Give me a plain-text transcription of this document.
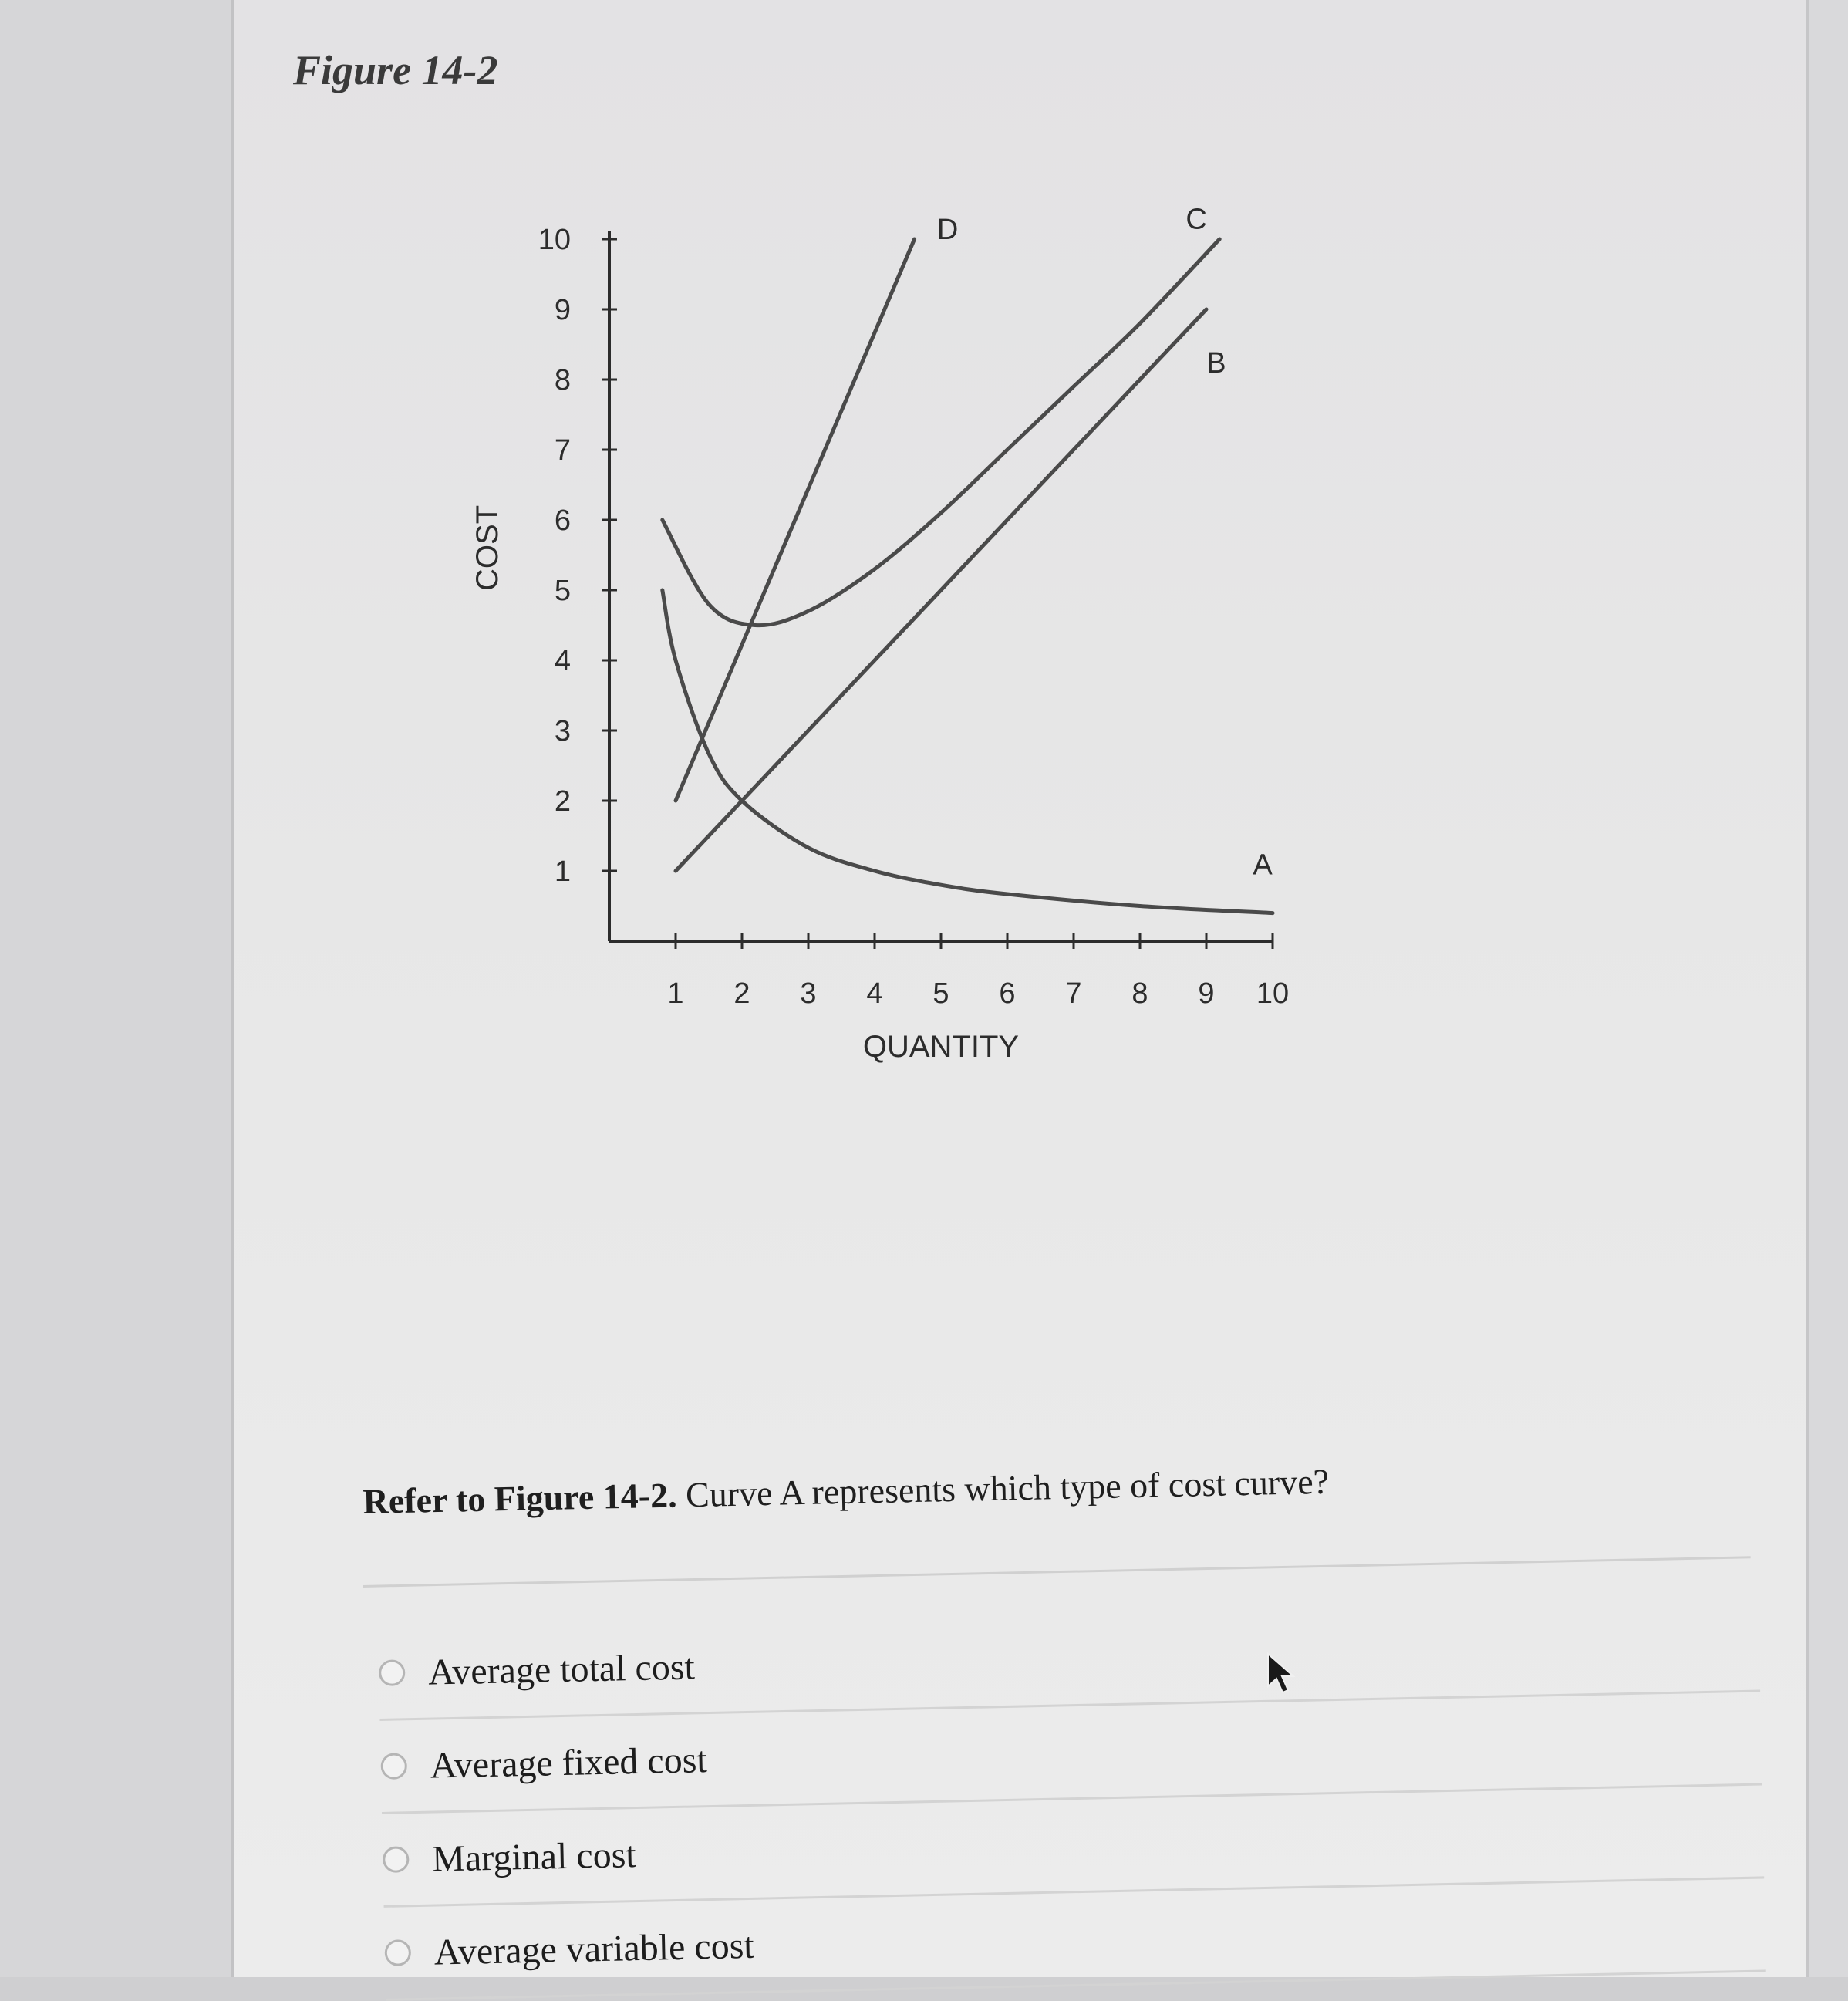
Figure 14-2
1 2 3 4 5 6 7 8 9 10
1
2
3
4
5
6
7
8
9
10
QUANTITY
COST
A
B
C
D

Refer to Figure 14-2. Curve A represents which type of cost curve?

Average total cost
Average fixed cost
Marginal cost
Average variable cost
